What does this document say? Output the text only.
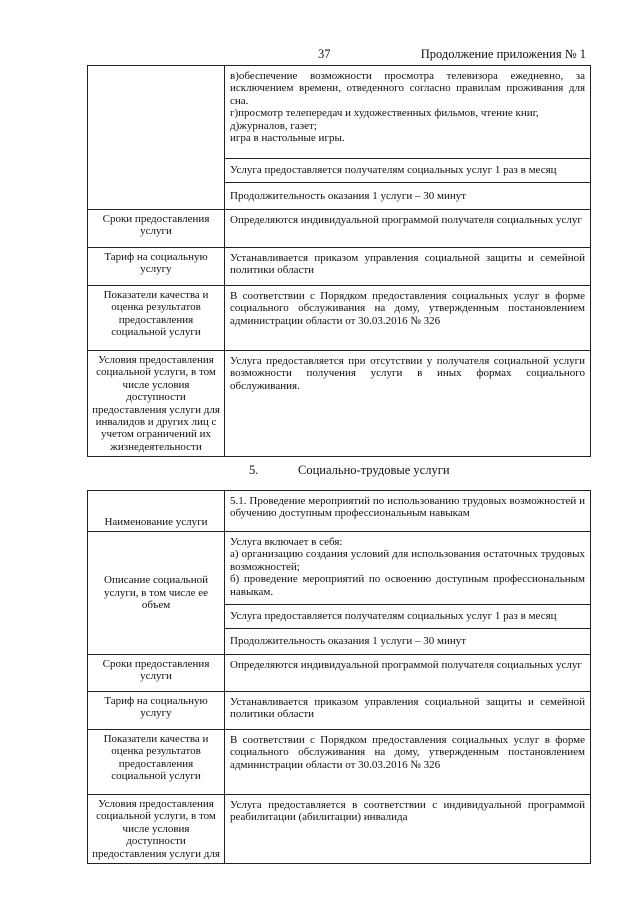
37	Продолжение приложения № 1

	в)обеспечение возможности просмотра телевизора ежедневно, за исключением времени, отведенного согласно правилам проживания для сна.

г)просмотр телепередач и художественных фильмов, чтение книг,

д)журналов, газет;

игра в настольные игры.

	Услуга предоставляется получателям социальных услуг 1 раз в месяц
	Продолжительность оказания 1 услуги – 30 минут
Сроки предоставления услуги	Определяются индивидуальной программой получателя социальных услуг
Тариф на социальную услугу	Устанавливается приказом управления социальной защиты и семейной политики области
Показатели качества и оценка результатов предоставления социальной услуги	В соответствии с Порядком предоставления социальных услуг в форме социального обслуживания на дому, утвержденным постановлением администрации области от 30.03.2016 № 326
Условия предоставления социальной услуги, в том числе условия доступности предоставления услуги для инвалидов и других лиц с учетом ограничений их жизнедеятельности	Услуга предоставляется при отсутствии у получателя социальной услуги возможности получения услуги в иных формах социального обслуживания.
5.	Социально-трудовые услуги
Наименование услуги	5.1. Проведение мероприятий по использованию трудовых возможностей и обучению доступным профессиональным навыкам
Описание социальной услуги, в том числе ее объем	Услуга включает в себя:

а) организацию создания условий для использования остаточных трудовых возможностей;

б) проведение мероприятий по освоению доступным профессиональным навыкам.

	Услуга предоставляется получателям социальных услуг 1 раз в месяц
	Продолжительность оказания 1 услуги – 30 минут
Сроки предоставления услуги	Определяются индивидуальной программой получателя социальных услуг
Тариф на социальную услугу	Устанавливается приказом управления социальной защиты и семейной политики области
Показатели качества и оценка результатов предоставления социальной услуги	В соответствии с Порядком предоставления социальных услуг в форме социального обслуживания на дому, утвержденным постановлением администрации области от 30.03.2016 № 326
Условия предоставления социальной услуги, в том числе условия доступности предоставления услуги для	Услуга предоставляется в соответствии с индивидуальной программой реабилитации (абилитации) инвалида
